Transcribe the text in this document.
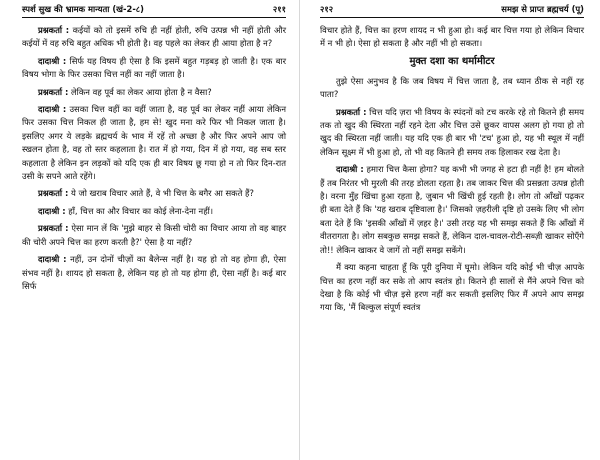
स्पर्श सुख की भ्रामक मान्यता (खं-2-८)	२११

प्रश्नकर्ता : कईयों को तो इसमें रुचि ही नहीं होती, रुचि उत्पन्न भी नहीं होती और कईयों में वह रुचि बहुत अधिक भी होती है। वह पहले का लेकर ही आया होता है न?

दादाश्री : सिर्फ यह विषय ही ऐसा है कि इसमें बहुत गड़बड़ हो जाती है। एक बार विषय भोगा के फिर उसका चित्त नहीं का नहीं जाता है।

प्रश्नकर्ता : लेकिन वह पूर्व का लेकर आया होता है न वैसा?

दादाश्री : उसका चित्त वहीं का वहीं जाता है, वह पूर्व का लेकर नहीं आया लेकिन फिर उसका चित्त निकल ही जाता है, हम से! खुद मना करे फिर भी निकल जाता है। इसलिए अगर ये लड़के ब्रह्मचर्य के भाव में रहें तो अच्छा है और फिर अपने आप जो स्खलन होता है, वह तो स्तर कहलाता है। रात में हो गया, दिन में हो गया, वह सब स्तर कहलाता है लेकिन इन लड़कों को यदि एक ही बार विषय छू गया हो न तो फिर दिन-रात उसी के सपने आते रहेंगे।

प्रश्नकर्ता : ये जो खराब विचार आते हैं, वे भी चित्त के बगैर आ सकते हैं?

दादाश्री : हाँ, चित्त का और विचार का कोई लेना-देना नहीं।

प्रश्नकर्ता : ऐसा मान लें कि 'मुझे बाहर से किसी चोरी का विचार आया तो वह बाहर की चोरी अपने चित्त का हरण करती है?' ऐसा है या नहीं?

दादाश्री : नहीं, उन दोनों चीज़ों का बैलेन्स नहीं है। यह हो तो वह होगा ही, ऐसा संभव नहीं है। शायद हो सकता है, लेकिन यह हो तो यह होगा ही, ऐसा नहीं है। कई बार सिर्फ

२१२	समझ से प्राप्त ब्रह्मचर्य (पू)

विचार होते हैं, चित्त का हरण शायद न भी हुआ हो। कई बार चित्त गया हो लेकिन विचार में न भी हो। ऐसा हो सकता है और नहीं भी हो सकता।

मुक्त दशा का थर्मामीटर

तुझे ऐसा अनुभव है कि जब विषय में चित्त जाता है, तब ध्यान ठीक से नहीं रह पाता?

प्रश्नकर्ता : चित्त यदि ज़रा भी विषय के स्पंदनों को टच करके रहे तो कितने ही समय तक तो खुद की स्थिरता नहीं रहने देता और चित्त उसे छूकर वापस अलग हो गया हो तो खुद की स्थिरता नहीं जाती। यह यदि एक ही बार भी 'टच' हुआ हो, यह भी स्थूल में नहीं लेकिन सूक्ष्म में भी हुआ हो, तो भी वह कितने ही समय तक हिलाकर रख देता है।

दादाश्री : हमारा चित्त कैसा होगा? यह कभी भी जगह से हटा ही नहीं है! हम बोलते हैं तब निरंतर भी मुरली की तरह डोलता रहता है। तब जाकर चित्त की प्रसन्नता उत्पन्न होती है। वरना मुँह खिंचा हुआ रहता है, जुबान भी खिंची हुई रहती है। लोग तो आँखों पढ़कर ही बता देते हैं कि 'यह खराब दृष्टिवाला है।' जिसको ज़हरीली दृष्टि हो उसके लिए भी लोग बता देते हैं कि 'इसकी आँखों में ज़हर है।' उसी तरह यह भी समझ सकते हैं कि आँखों में वीतरागता है। लोग सबकुछ समझ सकते हैं, लेकिन दाल-चावल-रोटी-सब्ज़ी खाकर सोएँगे तो!! लेकिन खाकर वे जागें तो नहीं समझ सकेंगे।

मैं क्या कहना चाहता हूँ कि पूरी दुनिया में घूमो। लेकिन यदि कोई भी चीज़ आपके चित्त का हरण नहीं कर सके तो आप स्वतंत्र हो। कितने ही सालों से मैंने अपने चित्त को देखा है कि कोई भी चीज़ इसे हरण नहीं कर सकती इसलिए फिर मैं अपने आप समझ गया कि, 'मैं बिल्कुल संपूर्ण स्वतंत्र
